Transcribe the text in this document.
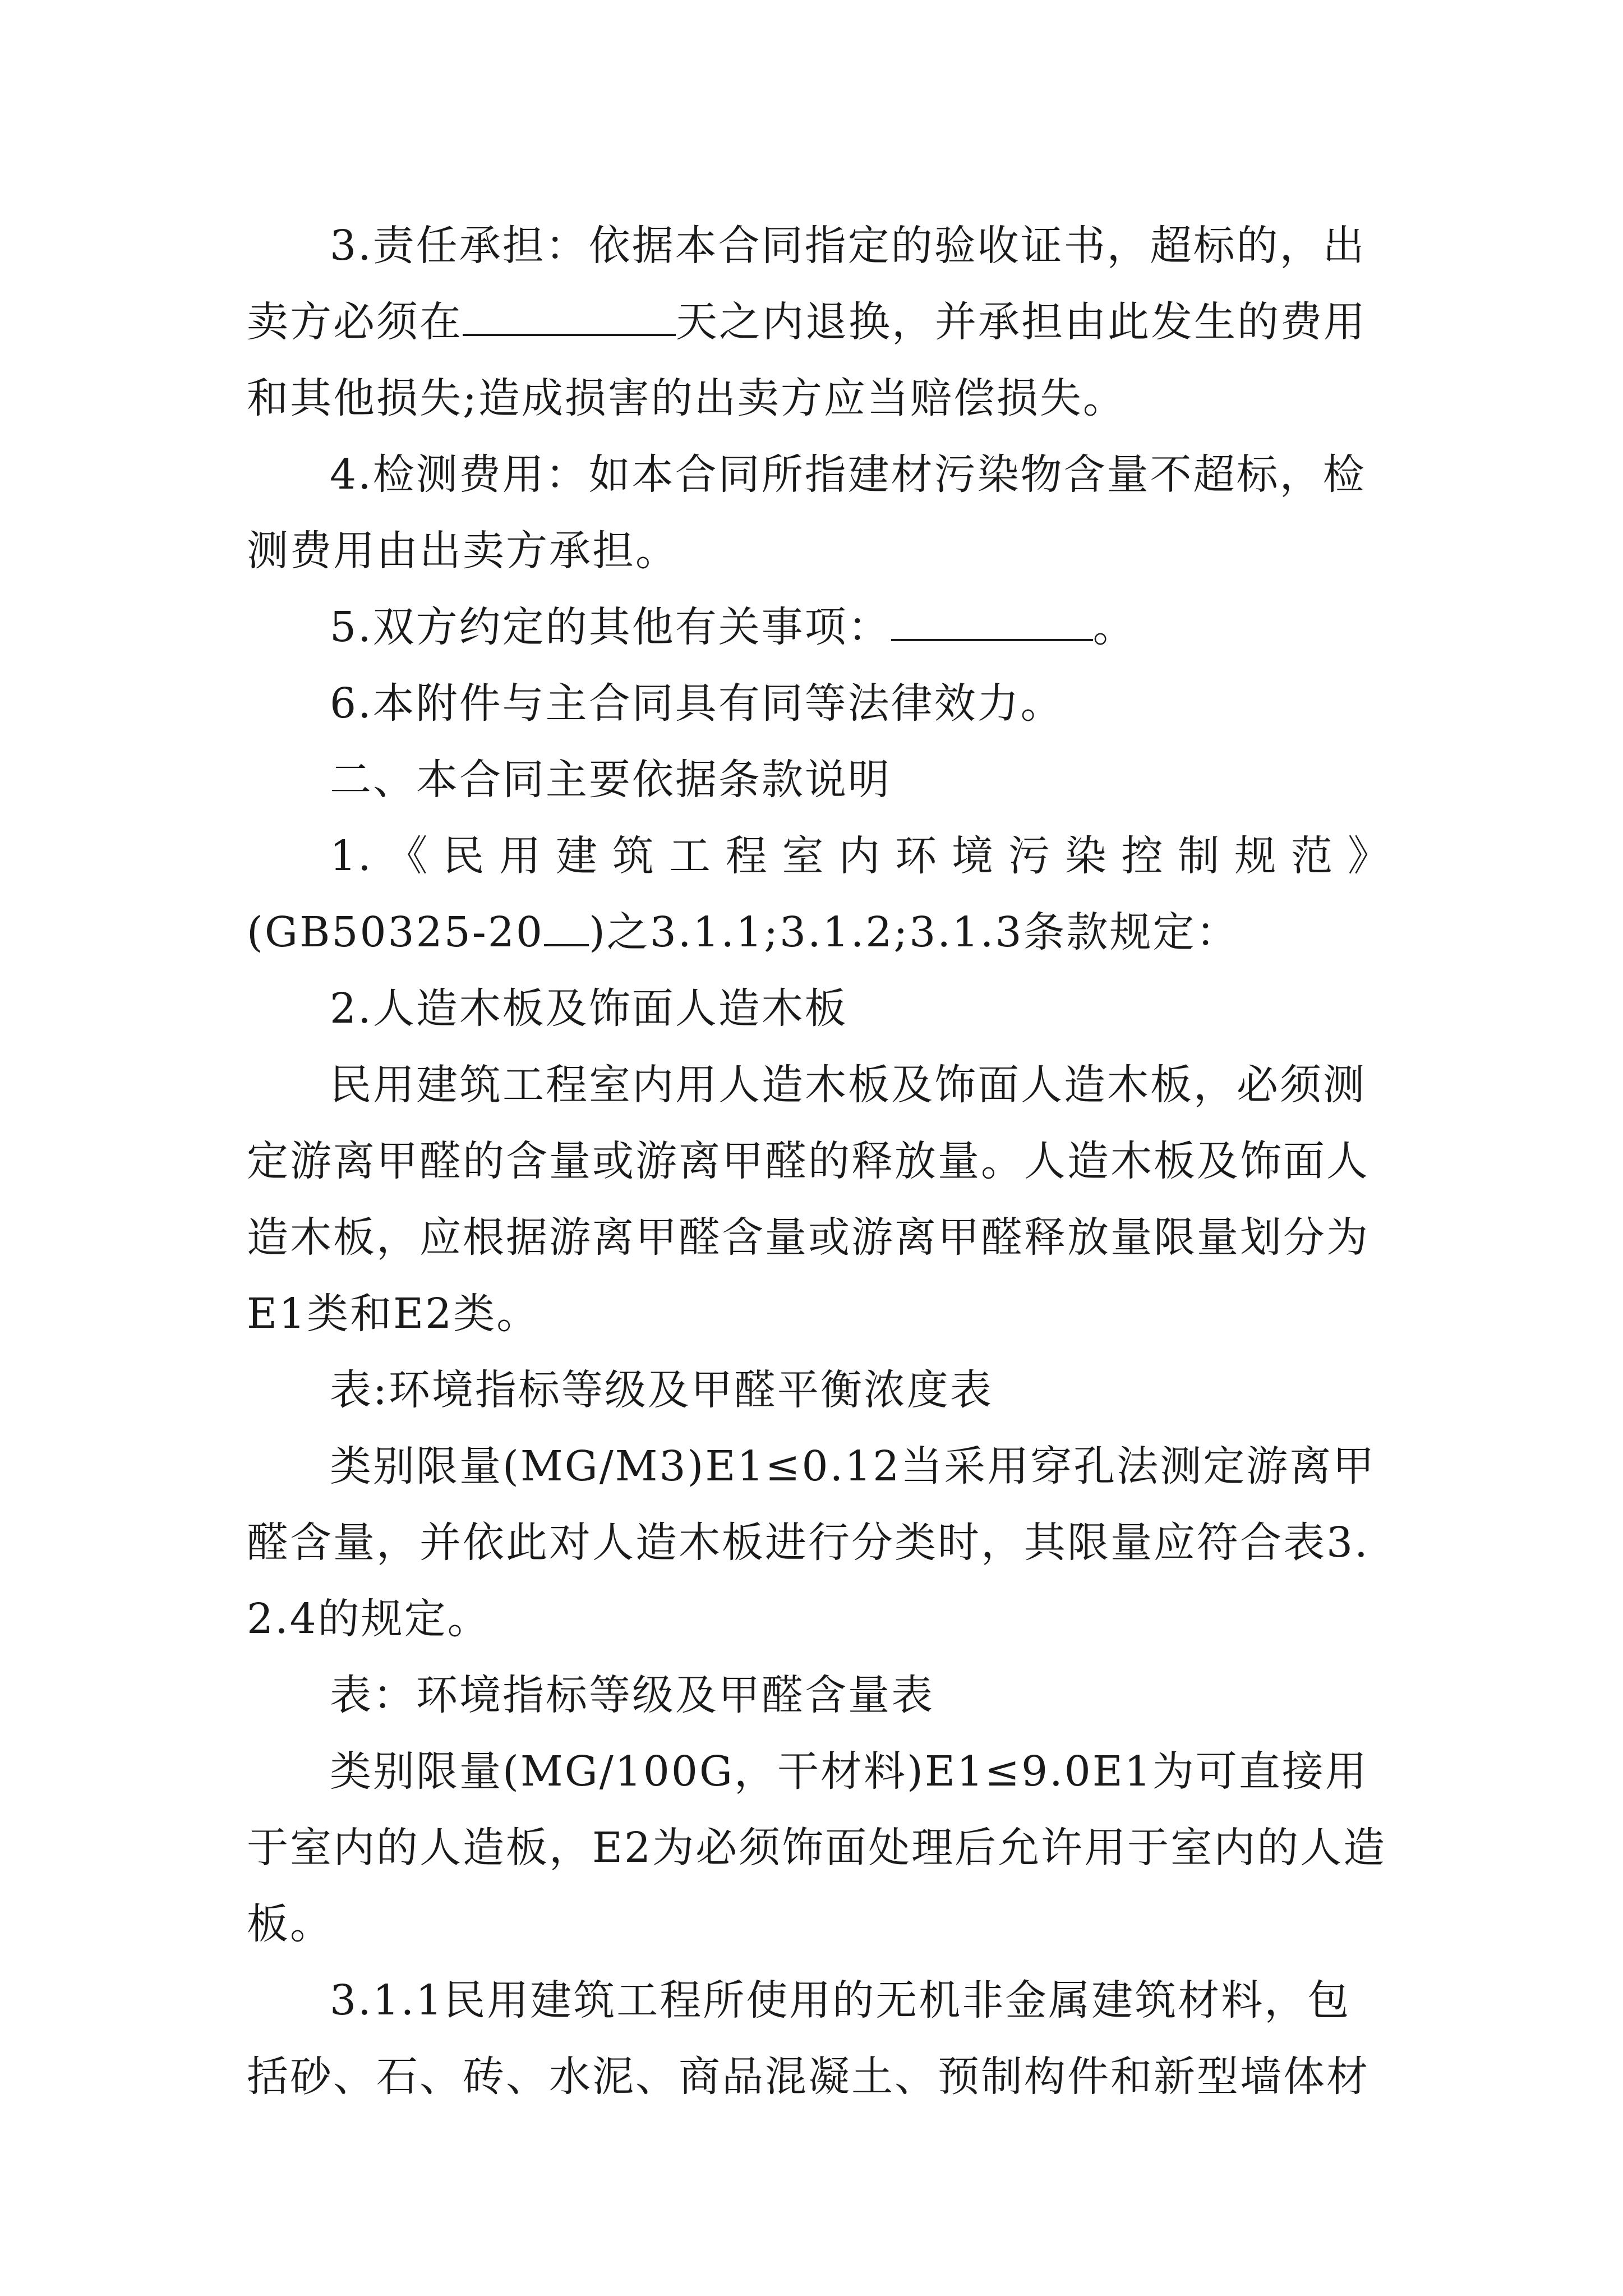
3.责任承担：依据本合同指定的验收证书，超标的，出卖方必须在	天之内退换，并承担由此发生的费用和其他损失;造成损害的出卖方应当赔偿损失。

4.检测费用：如本合同所指建材污染物含量不超标，检测费用由出卖方承担。

5.双方约定的其他有关事项：	。

6.本附件与主合同具有同等法律效力。

二、本合同主要依据条款说明

1.《民用建筑工程室内环境污染控制规范》

(GB50325-20 )之3.1.1;3.1.2;3.1.3条款规定：

2.人造木板及饰面人造木板

民用建筑工程室内用人造木板及饰面人造木板，必须测定游离甲醛的含量或游离甲醛的释放量。人造木板及饰面人造木板，应根据游离甲醛含量或游离甲醛释放量限量划分为E1类和E2类。

表:环境指标等级及甲醛平衡浓度表

类别限量(MG/M3)E1≤0.12当采用穿孔法测定游离甲醛含量，并依此对人造木板进行分类时，其限量应符合表3.2.4的规定。

表：环境指标等级及甲醛含量表

类别限量(MG/100G，干材料)E1≤9.0E1为可直接用于室内的人造板，E2为必须饰面处理后允许用于室内的人造板。

3.1.1民用建筑工程所使用的无机非金属建筑材料，包括砂、石、砖、水泥、商品混凝土、预制构件和新型墙体材
